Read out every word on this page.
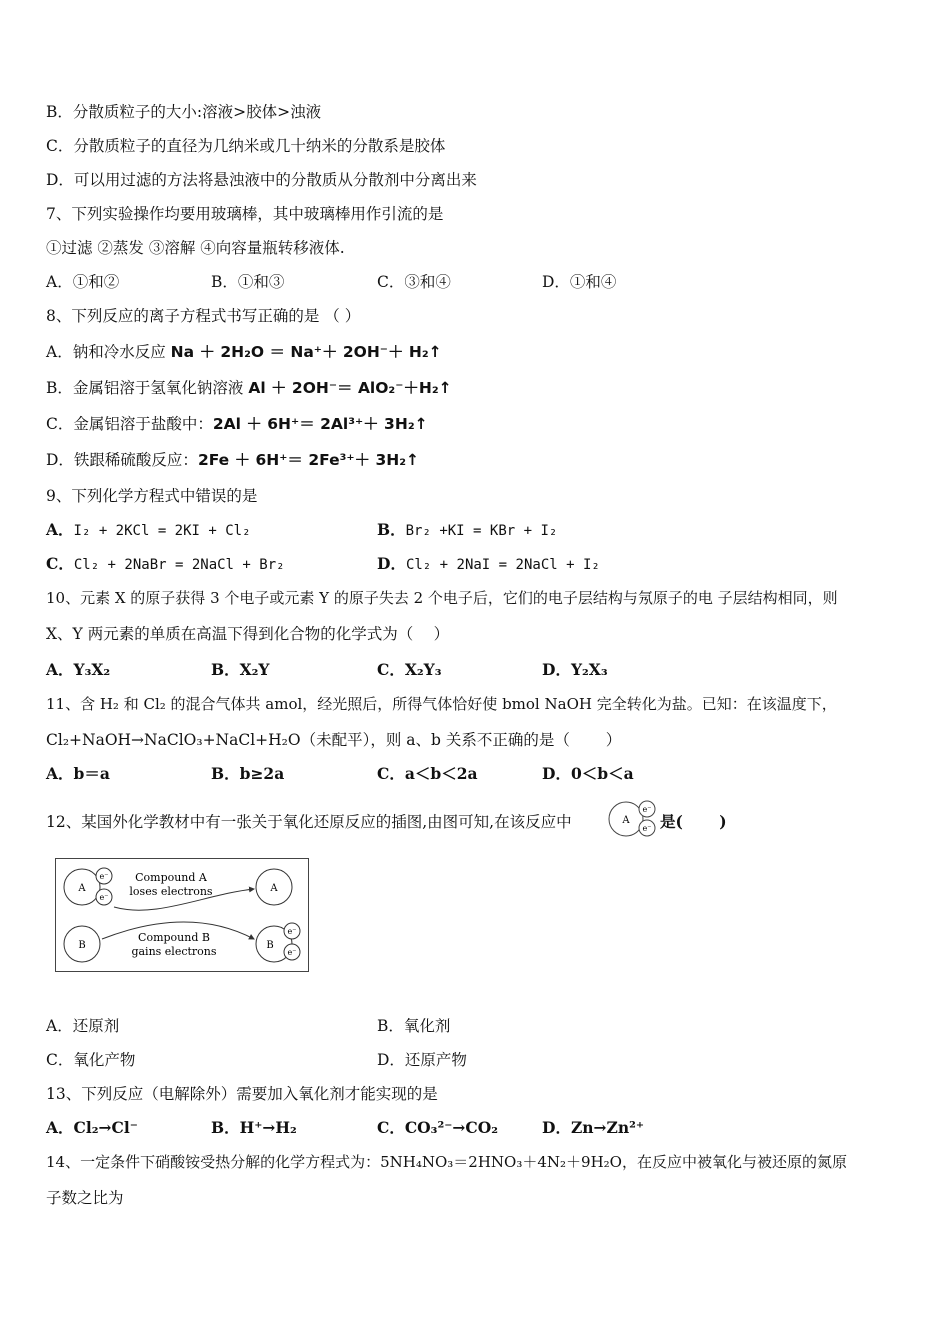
B．分散质粒子的大小:溶液>胶体>浊液
C．分散质粒子的直径为几纳米或几十纳米的分散系是胶体
D．可以用过滤的方法将悬浊液中的分散质从分散剂中分离出来
7、下列实验操作均要用玻璃棒，其中玻璃棒用作引流的是
①过滤 ②蒸发 ③溶解 ④向容量瓶转移液体.
A．①和②	B．①和③	C．③和④	D．①和④
8、下列反应的离子方程式书写正确的是 （ ）
A．钠和冷水反应 Na ＋ 2H₂O ＝ Na⁺＋ 2OH⁻＋ H₂↑
B．金属铝溶于氢氧化钠溶液 Al ＋ 2OH⁻＝ AlO₂⁻＋H₂↑
C．金属铝溶于盐酸中：2Al ＋ 6H⁺＝ 2Al³⁺＋ 3H₂↑
D．铁跟稀硫酸反应：2Fe ＋ 6H⁺＝ 2Fe³⁺＋ 3H₂↑
9、下列化学方程式中错误的是
A．I₂ + 2KCl = 2KI + Cl₂	B．Br₂ +KI = KBr + I₂
C．Cl₂ + 2NaBr = 2NaCl + Br₂	D．Cl₂ + 2NaI = 2NaCl + I₂
10、元素 X 的原子获得 3 个电子或元素 Y 的原子失去 2 个电子后，它们的电子层结构与氖原子的电 子层结构相同，则
X、Y 两元素的单质在高温下得到化合物的化学式为（　 ）
A．Y₃X₂	B．X₂Y	C．X₂Y₃	D．Y₂X₃
11、含 H₂ 和 Cl₂ 的混合气体共 amol，经光照后，所得气体恰好使 bmol NaOH 完全转化为盐。已知：在该温度下，
Cl₂+NaOH→NaClO₃+NaCl+H₂O（未配平），则 a、b 关系不正确的是（　　 ）
A．b＝a	B．b≥2a	C．a＜b＜2a	D．0＜b＜a
12、某国外化学教材中有一张关于氧化还原反应的插图,由图可知,在该反应中	A
e⁻
e⁻ 是(　　 )
A
e⁻
e⁻
A
B	B
e⁻
e⁻
Compound A
loses electrons
Compound B
gains electrons
A．还原剂	B．氧化剂
C．氧化产物	D．还原产物
13、下列反应（电解除外）需要加入氧化剂才能实现的是
A．Cl₂→Cl⁻	B．H⁺→H₂	C．CO₃²⁻→CO₂	D．Zn→Zn²⁺
14、一定条件下硝酸铵受热分解的化学方程式为：5NH₄NO₃＝2HNO₃＋4N₂＋9H₂O，在反应中被氧化与被还原的氮原
子数之比为
